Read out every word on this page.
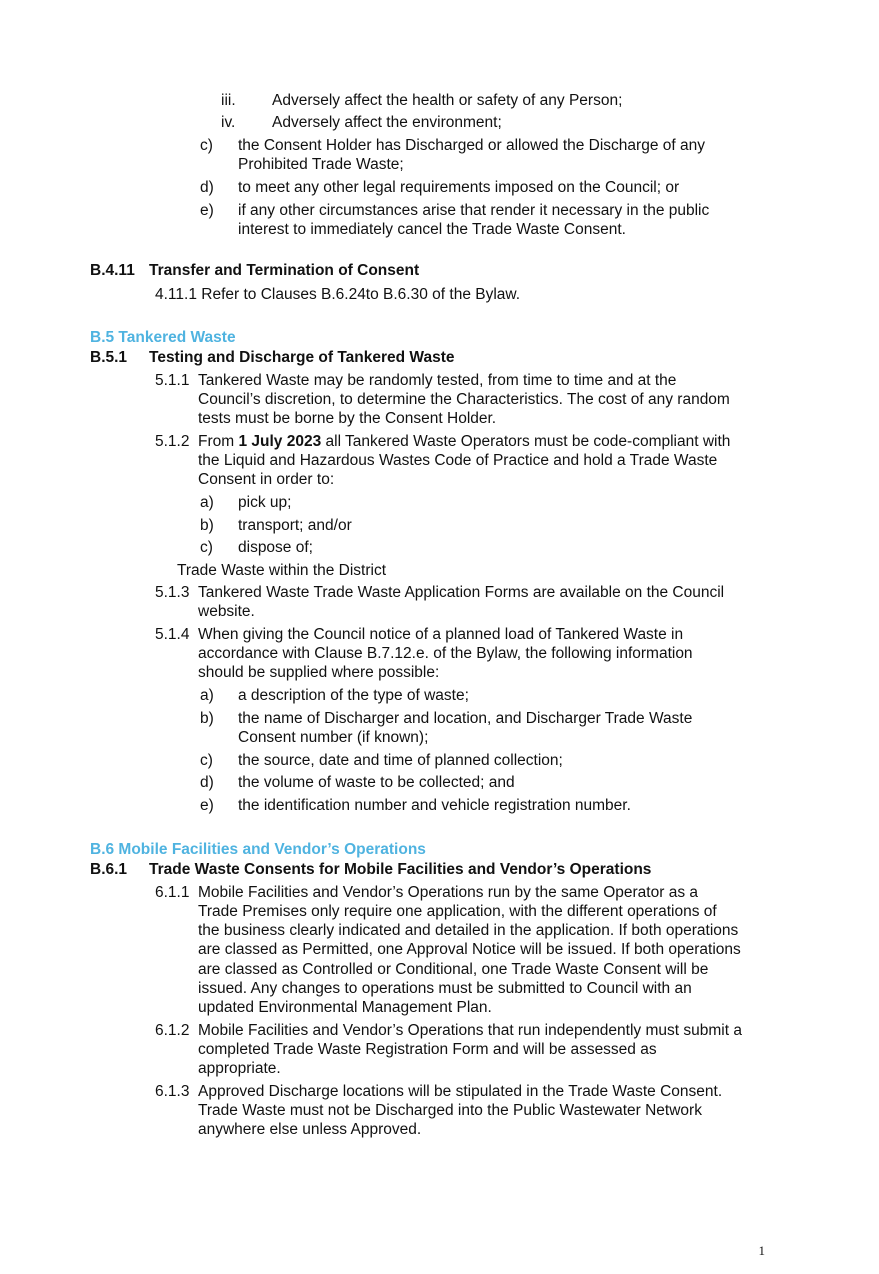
iii. Adversely affect the health or safety of any Person;
iv. Adversely affect the environment;
c) the Consent Holder has Discharged or allowed the Discharge of any
Prohibited Trade Waste;
d) to meet any other legal requirements imposed on the Council; or
e) if any other circumstances arise that render it necessary in the public
interest to immediately cancel the Trade Waste Consent.
B.4.11 Transfer and Termination of Consent
4.11.1 Refer to Clauses B.6.24to B.6.30 of the Bylaw.
B.5 Tankered Waste
B.5.1 Testing and Discharge of Tankered Waste
5.1.1 Tankered Waste may be randomly tested, from time to time and at the
Council’s discretion, to determine the Characteristics. The cost of any random
tests must be borne by the Consent Holder.
5.1.2 From 1 July 2023 all Tankered Waste Operators must be code-compliant with
the Liquid and Hazardous Wastes Code of Practice and hold a Trade Waste
Consent in order to:
a) pick up;
b) transport; and/or
c) dispose of;
Trade Waste within the District
5.1.3 Tankered Waste Trade Waste Application Forms are available on the Council
website.
5.1.4 When giving the Council notice of a planned load of Tankered Waste in
accordance with Clause B.7.12.e. of the Bylaw, the following information
should be supplied where possible:
a) a description of the type of waste;
b) the name of Discharger and location, and Discharger Trade Waste
Consent number (if known);
c) the source, date and time of planned collection;
d) the volume of waste to be collected; and
e) the identification number and vehicle registration number.
B.6 Mobile Facilities and Vendor’s Operations
B.6.1 Trade Waste Consents for Mobile Facilities and Vendor’s Operations
6.1.1 Mobile Facilities and Vendor’s Operations run by the same Operator as a
Trade Premises only require one application, with the different operations of
the business clearly indicated and detailed in the application. If both operations
are classed as Permitted, one Approval Notice will be issued. If both operations
are classed as Controlled or Conditional, one Trade Waste Consent will be
issued. Any changes to operations must be submitted to Council with an
updated Environmental Management Plan.
6.1.2 Mobile Facilities and Vendor’s Operations that run independently must submit a
completed Trade Waste Registration Form and will be assessed as
appropriate.
6.1.3 Approved Discharge locations will be stipulated in the Trade Waste Consent.
Trade Waste must not be Discharged into the Public Wastewater Network
anywhere else unless Approved.
1
